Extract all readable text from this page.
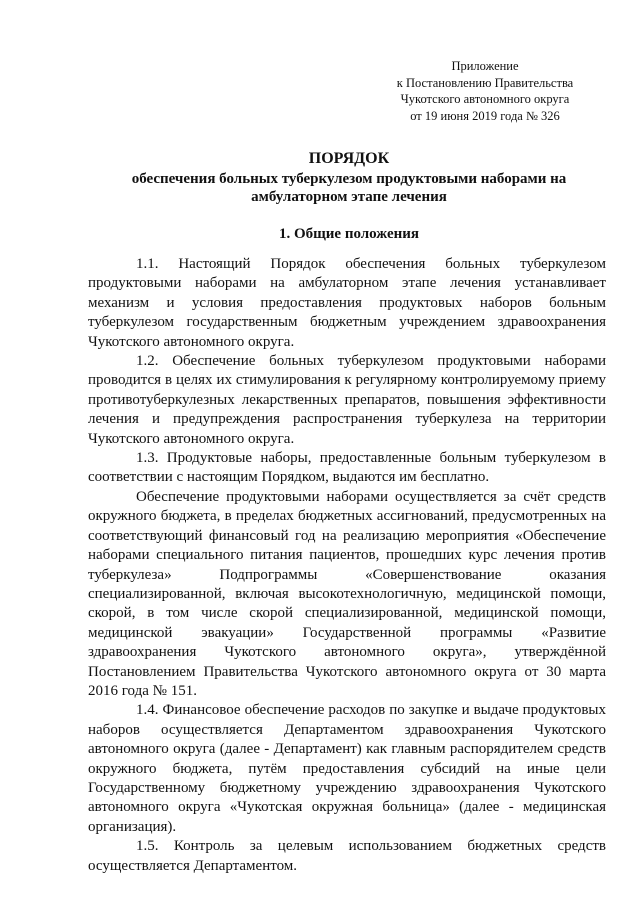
Приложение
к Постановлению Правительства
Чукотского автономного округа
от 19 июня 2019 года № 326
ПОРЯДОК
обеспечения больных туберкулезом продуктовыми наборами на амбулаторном этапе лечения
1. Общие положения

1.1. Настоящий Порядок обеспечения больных туберкулезом продуктовыми наборами на амбулаторном этапе лечения устанавливает механизм и условия предоставления продуктовых наборов больным туберкулезом государственным бюджетным учреждением здравоохранения Чукотского автономного округа.

1.2. Обеспечение больных туберкулезом продуктовыми наборами проводится в целях их стимулирования к регулярному контролируемому приему противотуберкулезных лекарственных препаратов, повышения эффективности лечения и предупреждения распространения туберкулеза на территории Чукотского автономного округа.

1.3. Продуктовые наборы, предоставленные больным туберкулезом в соответствии с настоящим Порядком, выдаются им бесплатно.

Обеспечение продуктовыми наборами осуществляется за счёт средств окружного бюджета, в пределах бюджетных ассигнований, предусмотренных на соответствующий финансовый год на реализацию мероприятия «Обеспечение наборами специального питания пациентов, прошедших курс лечения против туберкулеза» Подпрограммы «Совершенствование оказания специализированной, включая высокотехнологичную, медицинской помощи, скорой, в том числе скорой специализированной, медицинской помощи, медицинской эвакуации» Государственной программы «Развитие здравоохранения Чукотского автономного округа», утверждённой Постановлением Правительства Чукотского автономного округа от 30 марта 2016 года № 151.

1.4. Финансовое обеспечение расходов по закупке и выдаче продуктовых наборов осуществляется Департаментом здравоохранения Чукотского автономного округа (далее - Департамент) как главным распорядителем средств окружного бюджета, путём предоставления субсидий на иные цели Государственному бюджетному учреждению здравоохранения Чукотского автономного округа «Чукотская окружная больница» (далее - медицинская организация).

1.5. Контроль за целевым использованием бюджетных средств осуществляется Департаментом.
